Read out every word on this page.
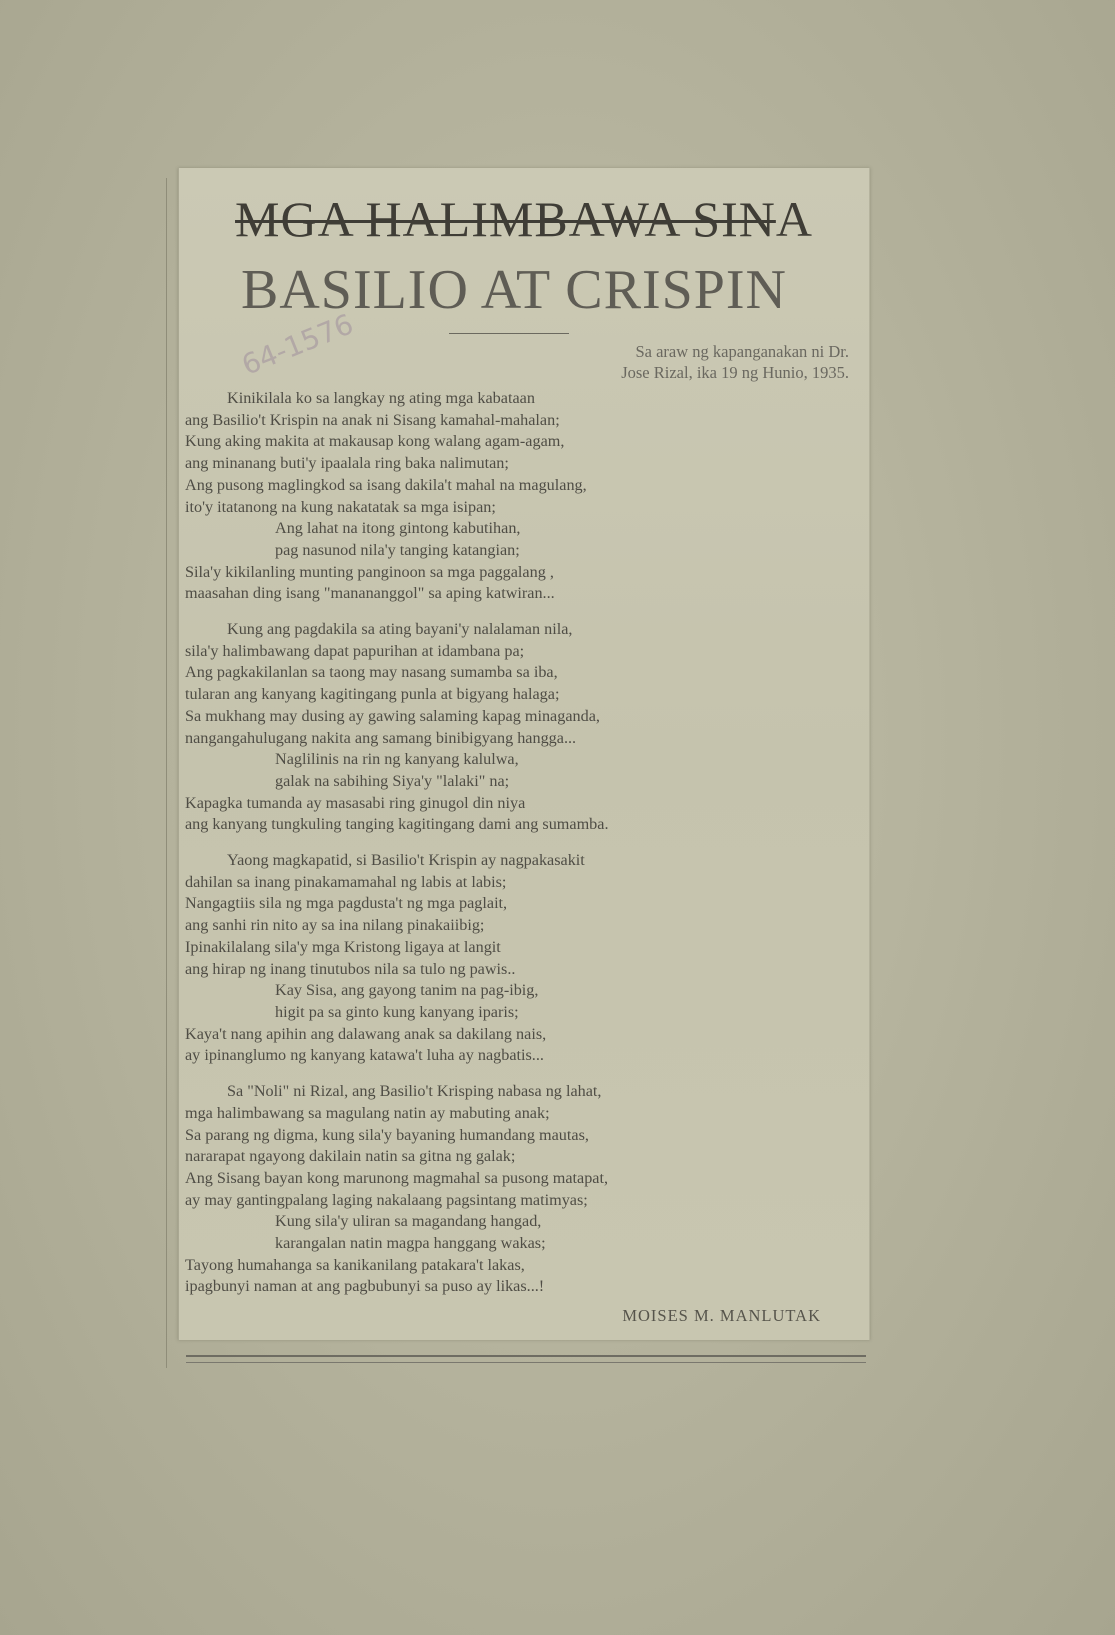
MGA HALIMBAWA SINA
BASILIO AT CRISPIN
64-1576	Sa araw ng kapanganakan ni Dr.
Jose Rizal, ika 19 ng Hunio, 1935.
Kinikilala ko sa langkay ng ating mga kabataan
ang Basilio't Krispin na anak ni Sisang kamahal-mahalan;
Kung aking makita at makausap kong walang agam-agam,
ang minanang buti'y ipaalala ring baka nalimutan;
Ang pusong maglingkod sa isang dakila't mahal na magulang,
ito'y itatanong na kung nakatatak sa mga isipan;
Ang lahat na itong gintong kabutihan,
pag nasunod nila'y tanging katangian;
Sila'y kikilanling munting panginoon sa mga paggalang ,
maasahan ding isang "manananggol" sa aping katwiran...
Kung ang pagdakila sa ating bayani'y nalalaman nila,
sila'y halimbawang dapat papurihan at idambana pa;
Ang pagkakilanlan sa taong may nasang sumamba sa iba,
tularan ang kanyang kagitingang punla at bigyang halaga;
Sa mukhang may dusing ay gawing salaming kapag minaganda,
nangangahulugang nakita ang samang binibigyang hangga...
Naglilinis na rin ng kanyang kalulwa,
galak na sabihing Siya'y "lalaki" na;
Kapagka tumanda ay masasabi ring ginugol din niya
ang kanyang tungkuling tanging kagitingang dami ang sumamba.
Yaong magkapatid, si Basilio't Krispin ay nagpakasakit
dahilan sa inang pinakamamahal ng labis at labis;
Nangagtiis sila ng mga pagdusta't ng mga paglait,
ang sanhi rin nito ay sa ina nilang pinakaiibig;
Ipinakilalang sila'y mga Kristong ligaya at langit
ang hirap ng inang tinutubos nila sa tulo ng pawis..
Kay Sisa, ang gayong tanim na pag-ibig,
higit pa sa ginto kung kanyang iparis;
Kaya't nang apihin ang dalawang anak sa dakilang nais,
ay ipinanglumo ng kanyang katawa't luha ay nagbatis...
Sa "Noli" ni Rizal, ang Basilio't Krisping nabasa ng lahat,
mga halimbawang sa magulang natin ay mabuting anak;
Sa parang ng digma, kung sila'y bayaning humandang mautas,
nararapat ngayong dakilain natin sa gitna ng galak;
Ang Sisang bayan kong marunong magmahal sa pusong matapat,
ay may gantingpalang laging nakalaang pagsintang matimyas;
Kung sila'y uliran sa magandang hangad,
karangalan natin magpa hanggang wakas;
Tayong humahanga sa kanikanilang patakara't lakas,
ipagbunyi naman at ang pagbubunyi sa puso ay likas...!
MOISES M. MANLUTAK
